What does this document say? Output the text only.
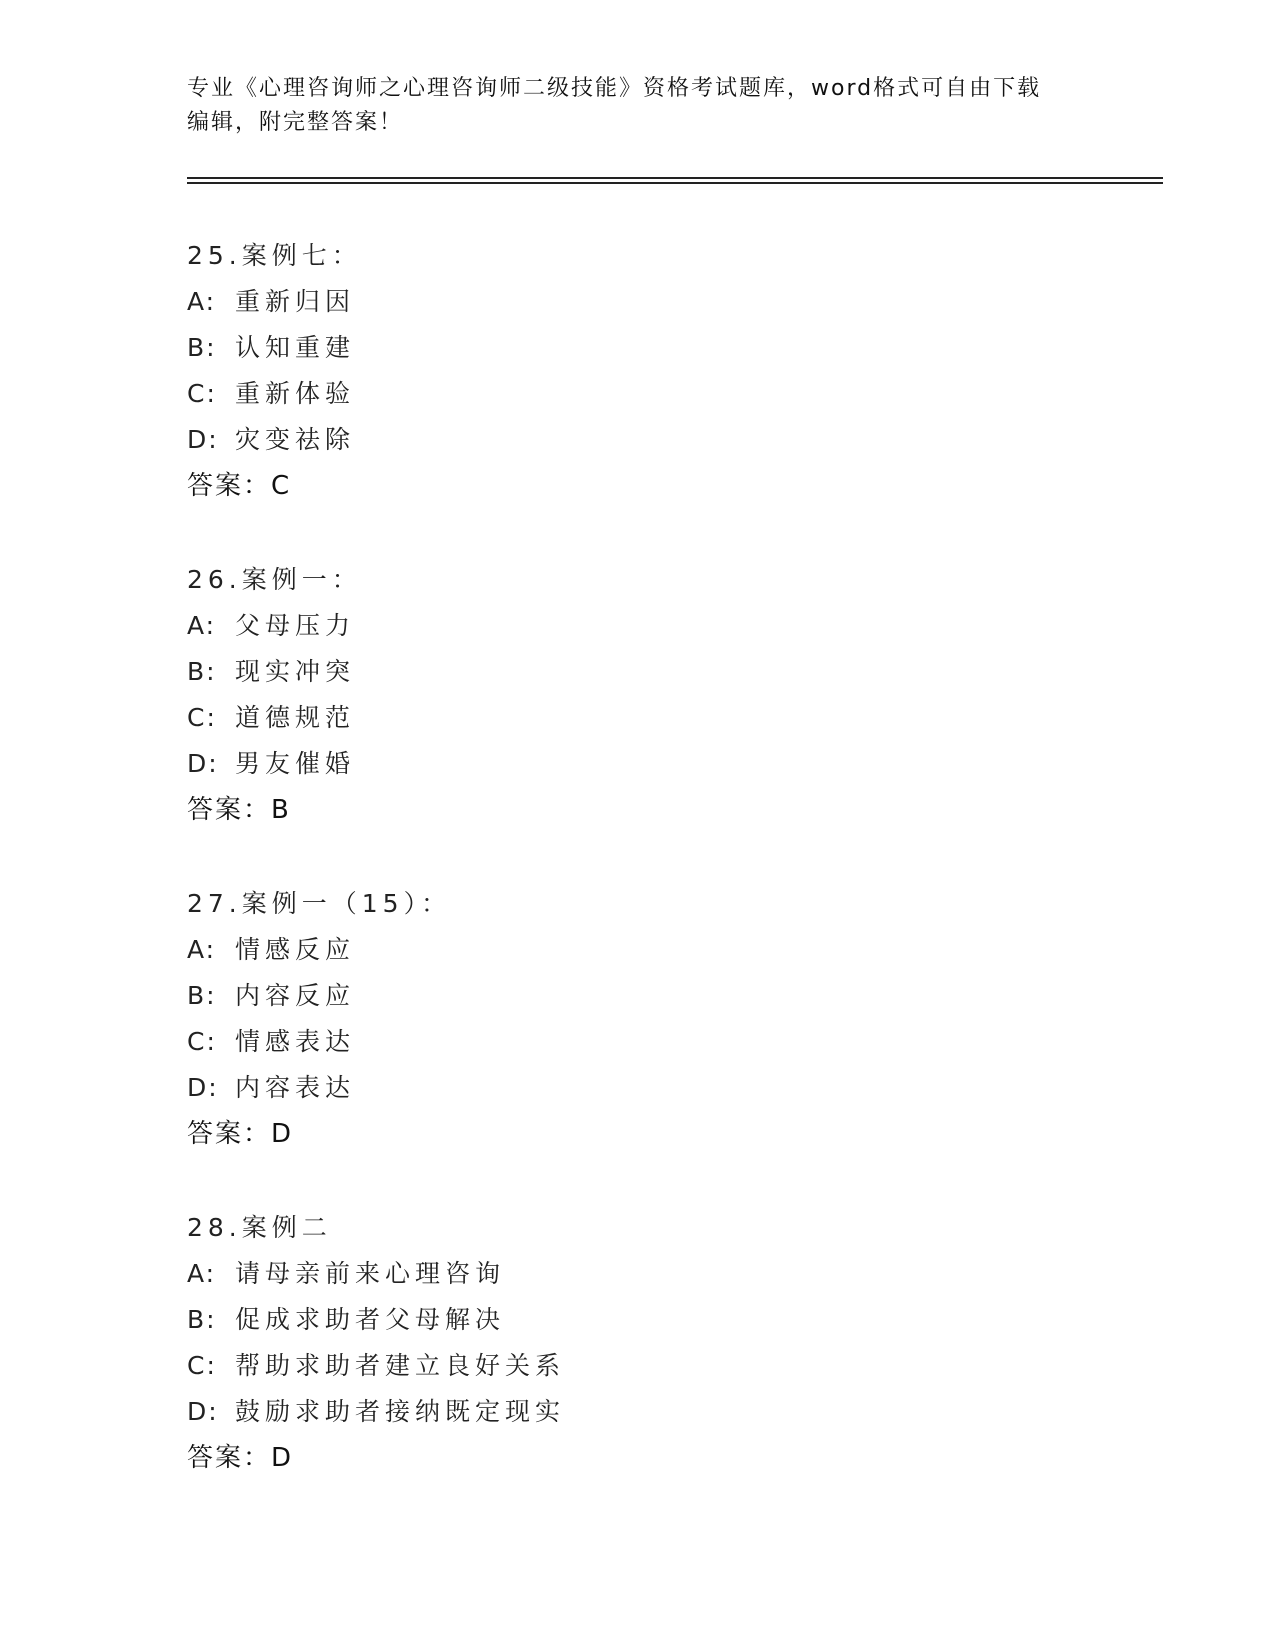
专业《心理咨询师之心理咨询师二级技能》资格考试题库，word格式可自由下载
编辑，附完整答案！
25.案例七：
A: 重新归因
B: 认知重建
C: 重新体验
D: 灾变祛除
答案：C
26.案例一：
A: 父母压力
B: 现实冲突
C: 道德规范
D: 男友催婚
答案：B
27.案例一（15）：
A: 情感反应
B: 内容反应
C: 情感表达
D: 内容表达
答案：D
28.案例二
A: 请母亲前来心理咨询
B: 促成求助者父母解决
C: 帮助求助者建立良好关系
D: 鼓励求助者接纳既定现实
答案：D
